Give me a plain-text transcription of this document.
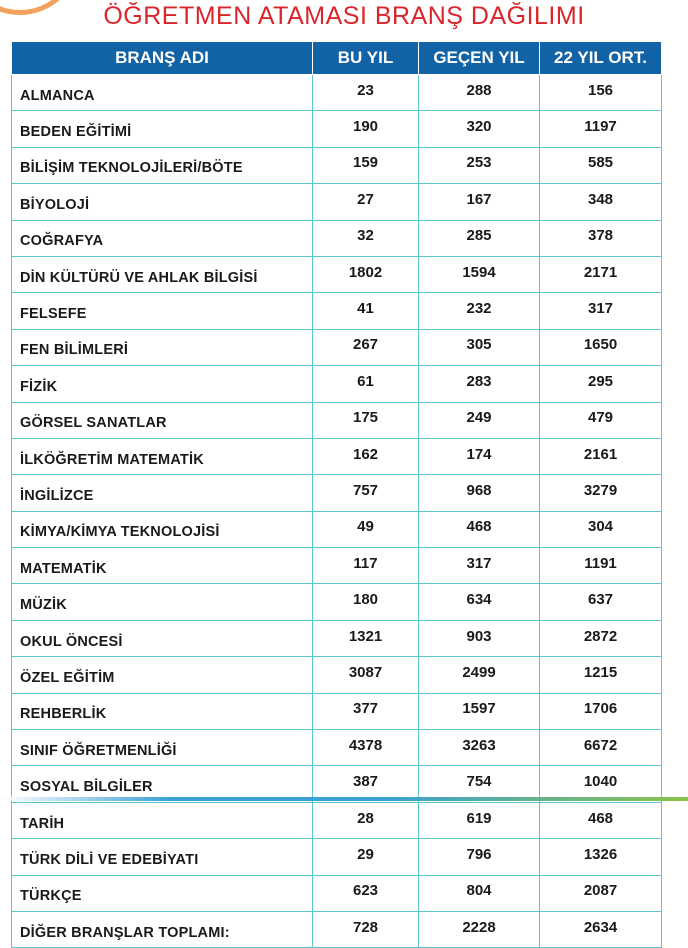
ÖĞRETMEN ATAMASI BRANŞ DAĞILIMI
BRANŞ ADI	BU YIL	GEÇEN YIL	22 YIL ORT.
ALMANCA	23	288	156
BEDEN EĞİTİMİ	190	320	1197
BİLİŞİM TEKNOLOJİLERİ/BÖTE	159	253	585
BİYOLOJİ	27	167	348
COĞRAFYA	32	285	378
DİN KÜLTÜRÜ VE AHLAK BİLGİSİ	1802	1594	2171
FELSEFE	41	232	317
FEN BİLİMLERİ	267	305	1650
FİZİK	61	283	295
GÖRSEL SANATLAR	175	249	479
İLKÖĞRETİM MATEMATİK	162	174	2161
İNGİLİZCE	757	968	3279
KİMYA/KİMYA TEKNOLOJİSİ	49	468	304
MATEMATİK	117	317	1191
MÜZİK	180	634	637
OKUL ÖNCESİ	1321	903	2872
ÖZEL EĞİTİM	3087	2499	1215
REHBERLİK	377	1597	1706
SINIF ÖĞRETMENLİĞİ	4378	3263	6672
SOSYAL BİLGİLER	387	754	1040
TARİH	28	619	468
TÜRK DİLİ VE EDEBİYATI	29	796	1326
TÜRKÇE	623	804	2087
DİĞER BRANŞLAR TOPLAMI:	728	2228	2634
